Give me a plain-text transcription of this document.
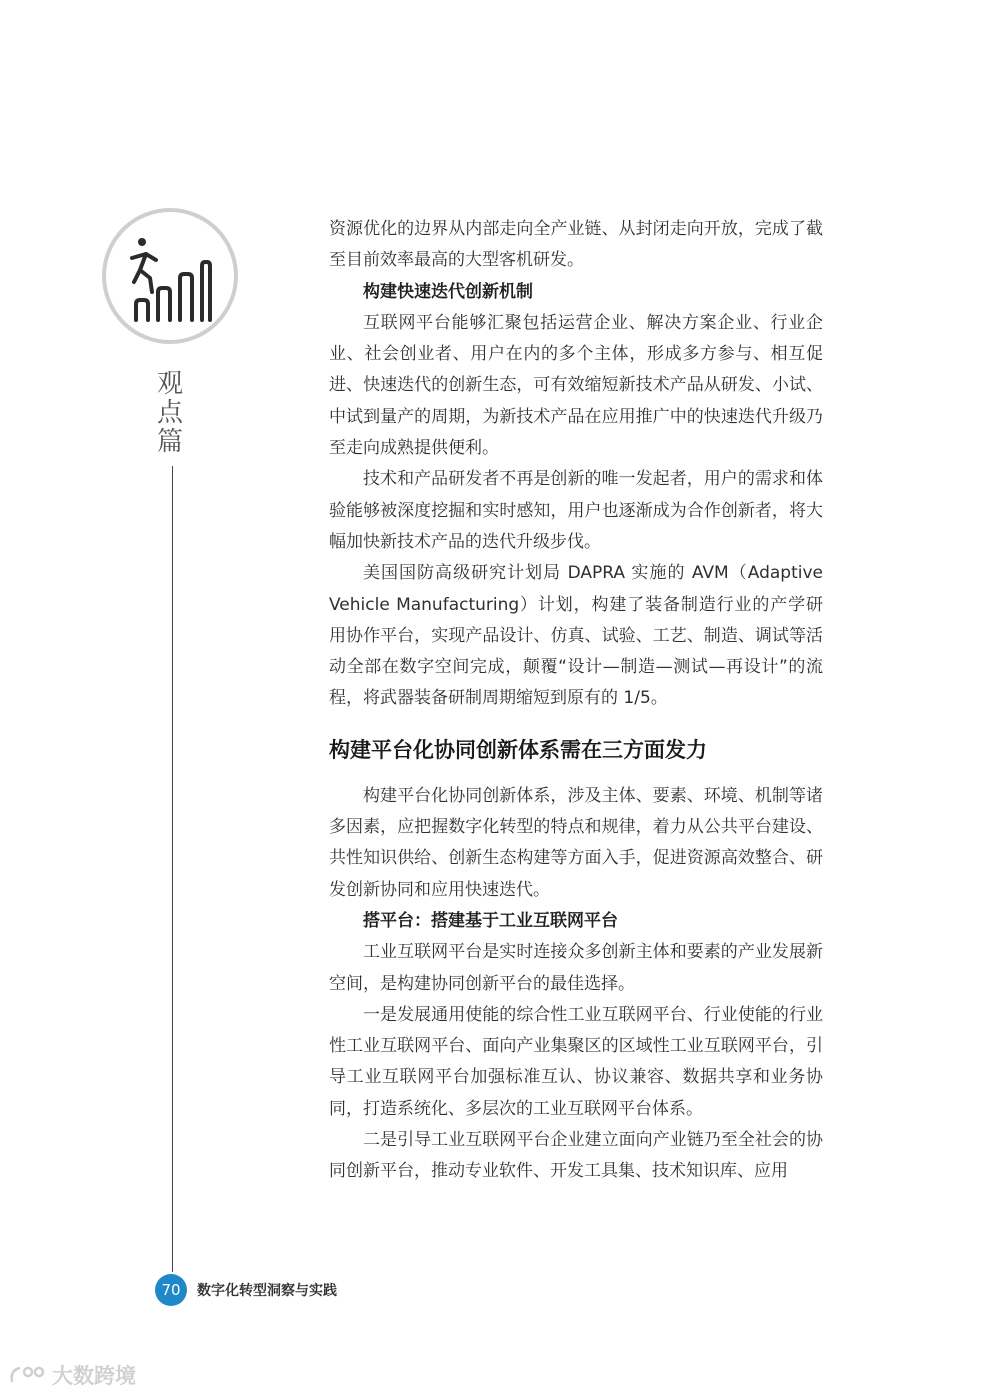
观
点
篇

资源优化的边界从内部走向全产业链、从封闭走向开放，完成了截至目前效率最高的大型客机研发。

构建快速迭代创新机制

互联网平台能够汇聚包括运营企业、解决方案企业、行业企业、社会创业者、用户在内的多个主体，形成多方参与、相互促进、快速迭代的创新生态，可有效缩短新技术产品从研发、小试、中试到量产的周期，为新技术产品在应用推广中的快速迭代升级乃至走向成熟提供便利。

技术和产品研发者不再是创新的唯一发起者，用户的需求和体验能够被深度挖掘和实时感知，用户也逐渐成为合作创新者，将大幅加快新技术产品的迭代升级步伐。

美国国防高级研究计划局 DAPRA 实施的 AVM（Adaptive Vehicle Manufacturing）计划，构建了装备制造行业的产学研用协作平台，实现产品设计、仿真、试验、工艺、制造、调试等活动全部在数字空间完成，颠覆“设计—制造—测试—再设计”的流程，将武器装备研制周期缩短到原有的 1/5。

构建平台化协同创新体系需在三方面发力

构建平台化协同创新体系，涉及主体、要素、环境、机制等诸多因素，应把握数字化转型的特点和规律，着力从公共平台建设、共性知识供给、创新生态构建等方面入手，促进资源高效整合、研发创新协同和应用快速迭代。

搭平台：搭建基于工业互联网平台

工业互联网平台是实时连接众多创新主体和要素的产业发展新空间，是构建协同创新平台的最佳选择。

一是发展通用使能的综合性工业互联网平台、行业使能的行业性工业互联网平台、面向产业集聚区的区域性工业互联网平台，引导工业互联网平台加强标准互认、协议兼容、数据共享和业务协同，打造系统化、多层次的工业互联网平台体系。

二是引导工业互联网平台企业建立面向产业链乃至全社会的协同创新平台，推动专业软件、开发工具集、技术知识库、应用

70	数字化转型洞察与实践
大数跨境
